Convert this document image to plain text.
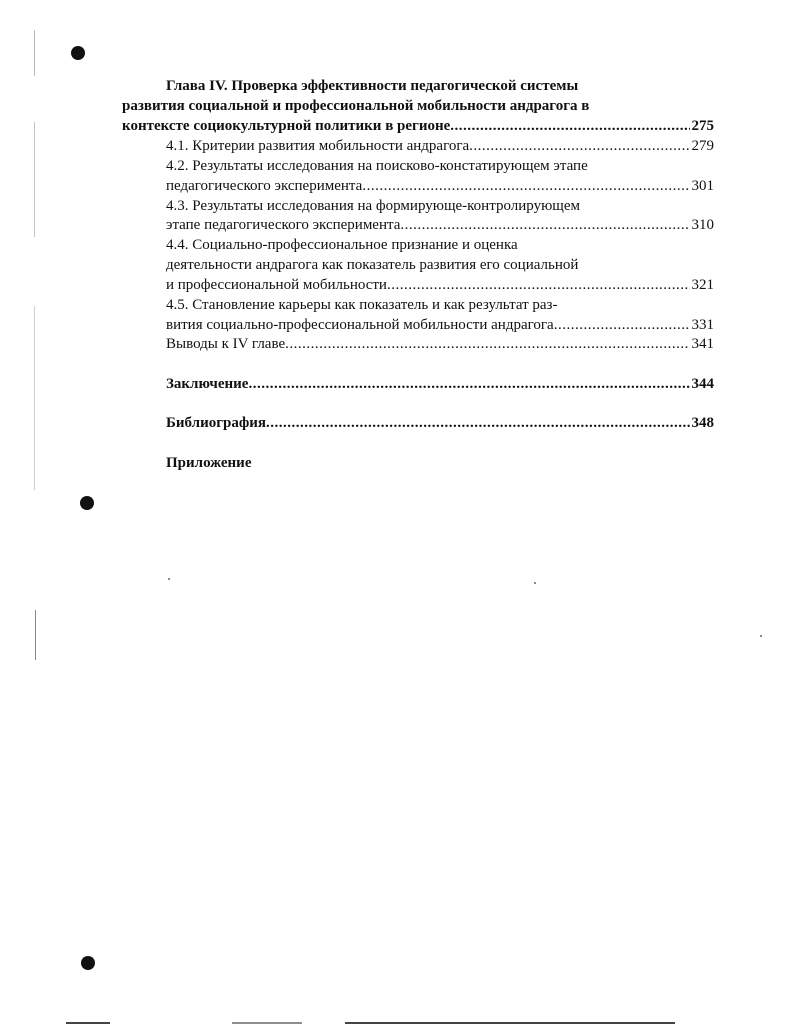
Глава IV. Проверка эффективности педагогической системы
развития социальной и профессиональной мобильности андрагога в
контексте социокультурной политики в регионе .....	275
4.1. Критерии развития мобильности андрагога .....	279
4.2. Результаты исследования на поисково-констатирующем этапе
педагогического эксперимента .....	301
4.3. Результаты исследования на формирующе-контролирующем
этапе педагогического эксперимента .....	310
4.4. Социально-профессиональное признание и оценка
деятельности андрагога как показатель развития его социальной
и профессиональной мобильности .....	321
4.5. Становление карьеры как показатель и как результат раз-
вития социально-профессиональной мобильности андрагога .....	331
Выводы к IV главе .....	341
Заключение .....	344
Библиография .....	348
Приложение
